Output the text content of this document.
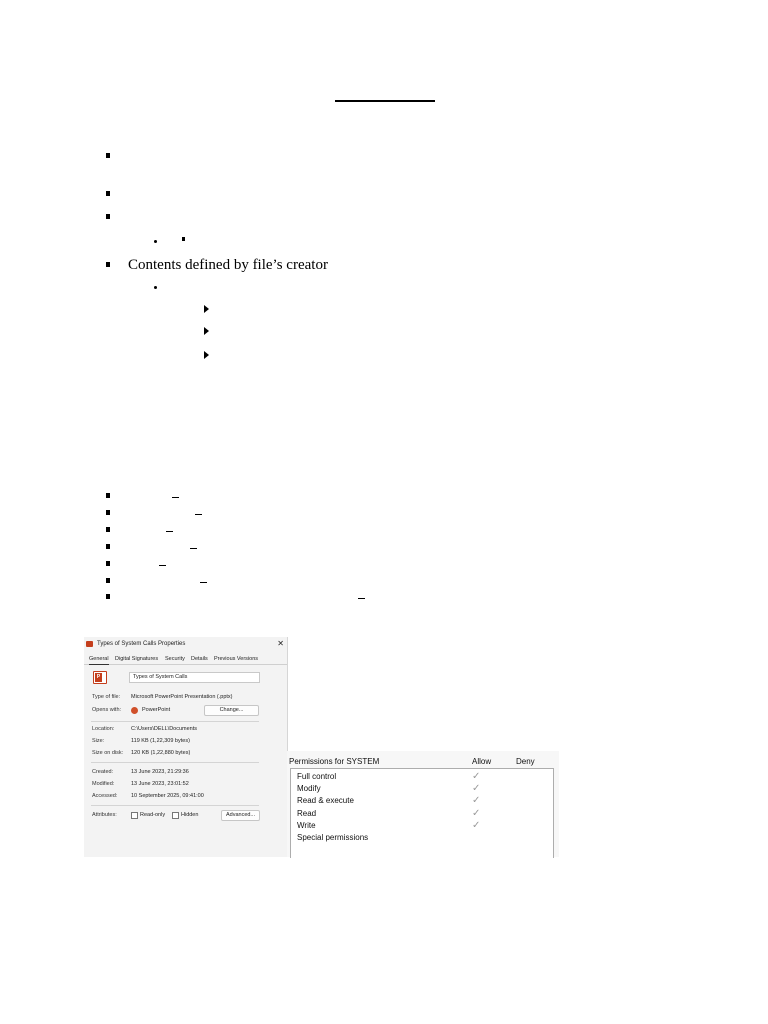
Contents defined by file’s creator
Types of System Calls Properties	✕
General Digital Signatures Security Details Previous Versions
P	Types of System Calls
Type of file: Microsoft PowerPoint Presentation (.pptx)
Opens with:	PowerPoint	Change...
Location:	C:\Users\DELL\Documents
Size:	119 KB (1,22,309 bytes)
Size on disk: 120 KB (1,22,880 bytes)
Created:	13 June 2023, 21:29:36
Modified:	13 June 2023, 23:01:52
Accessed: 10 September 2025, 09:41:00
Attributes:	Read-only	Hidden	Advanced...
Permissions for SYSTEM	Allow	Deny
Full control	✓
Modify	✓
Read & execute	✓
Read	✓
Write	✓
Special permissions
